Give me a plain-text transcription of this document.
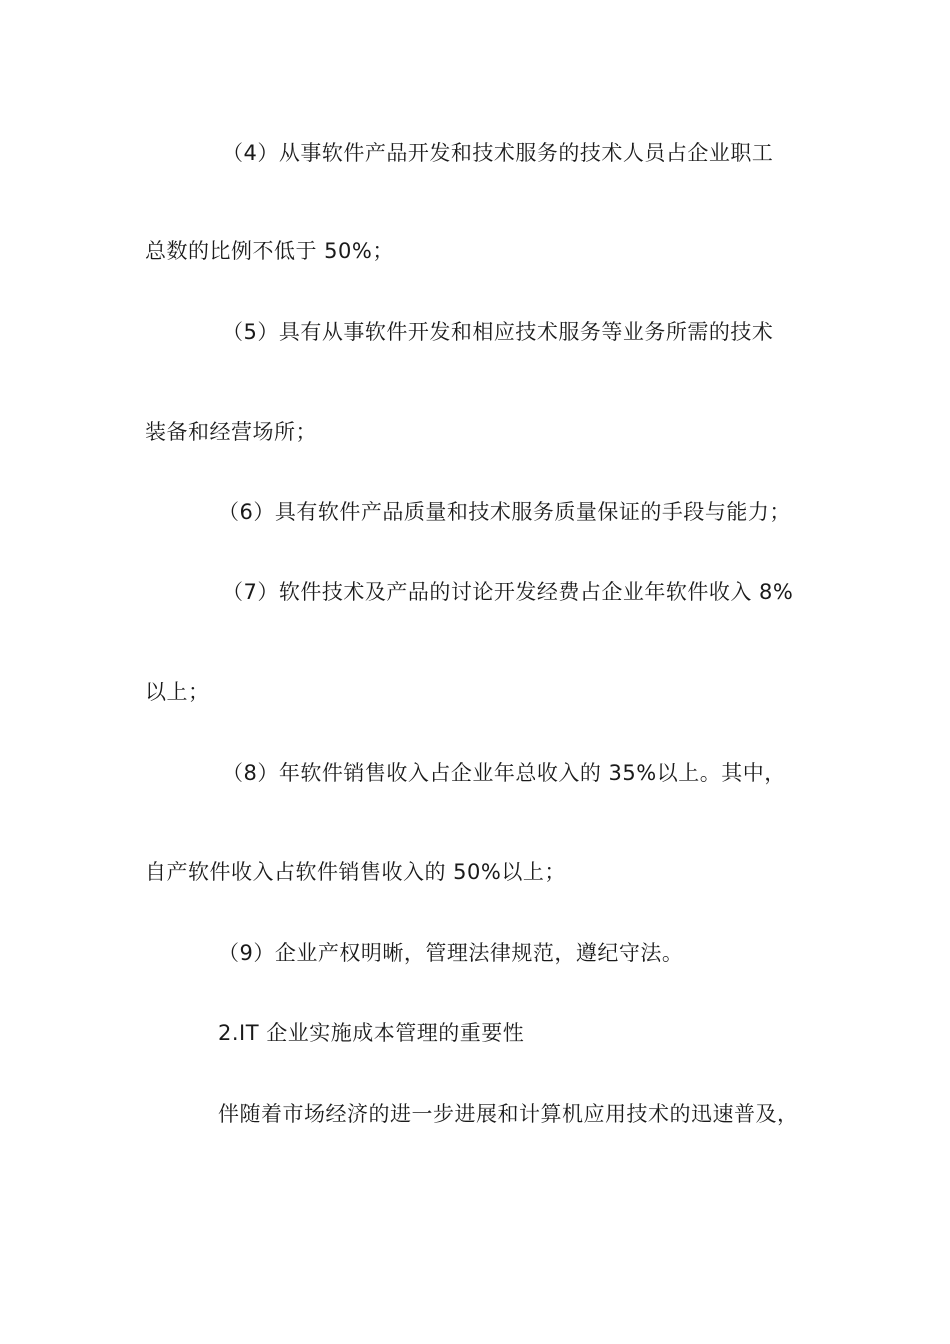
（4）从事软件产品开发和技术服务的技术人员占企业职工
总数的比例不低于 50%；
（5）具有从事软件开发和相应技术服务等业务所需的技术
装备和经营场所；
（6）具有软件产品质量和技术服务质量保证的手段与能力；
（7）软件技术及产品的讨论开发经费占企业年软件收入 8%
以上；
（8）年软件销售收入占企业年总收入的 35%以上。其中，
自产软件收入占软件销售收入的 50%以上；
（9）企业产权明晰，管理法律规范，遵纪守法。
2.IT 企业实施成本管理的重要性
伴随着市场经济的进一步进展和计算机应用技术的迅速普及，
